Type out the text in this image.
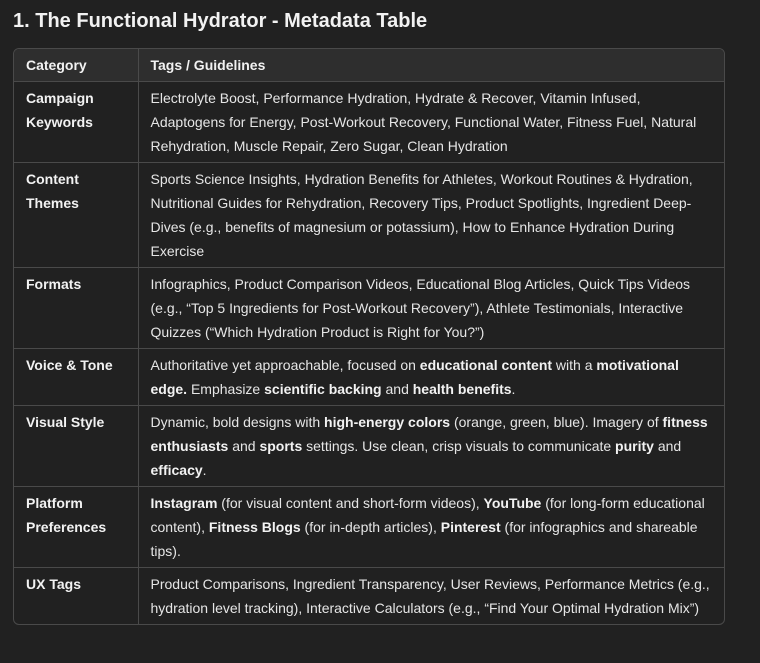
1. The Functional Hydrator - Metadata Table
Category	Tags / Guidelines
Campaign Keywords	Electrolyte Boost, Performance Hydration, Hydrate & Recover, Vitamin Infused, Adaptogens for Energy, Post-Workout Recovery, Functional Water, Fitness Fuel, Natural Rehydration, Muscle Repair, Zero Sugar, Clean Hydration
Content Themes	Sports Science Insights, Hydration Benefits for Athletes, Workout Routines & Hydration, Nutritional Guides for Rehydration, Recovery Tips, Product Spotlights, Ingredient Deep-Dives (e.g., benefits of magnesium or potassium), How to Enhance Hydration During Exercise
Formats	Infographics, Product Comparison Videos, Educational Blog Articles, Quick Tips Videos (e.g., “Top 5 Ingredients for Post-Workout Recovery”), Athlete Testimonials, Interactive Quizzes (“Which Hydration Product is Right for You?”)
Voice & Tone	Authoritative yet approachable, focused on educational content with a motivational edge. Emphasize scientific backing and health benefits.
Visual Style	Dynamic, bold designs with high-energy colors (orange, green, blue). Imagery of fitness enthusiasts and sports settings. Use clean, crisp visuals to communicate purity and efficacy.
Platform Preferences	Instagram (for visual content and short-form videos), YouTube (for long-form educational content), Fitness Blogs (for in-depth articles), Pinterest (for infographics and shareable tips).
UX Tags	Product Comparisons, Ingredient Transparency, User Reviews, Performance Metrics (e.g., hydration level tracking), Interactive Calculators (e.g., “Find Your Optimal Hydration Mix”)
